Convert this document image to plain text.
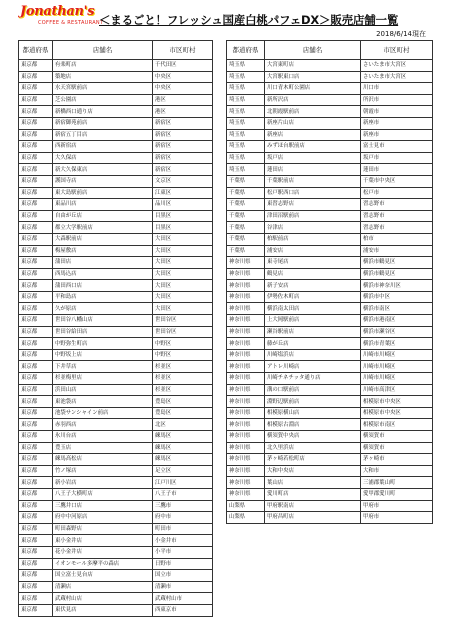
Jonathan's
COFFEE & RESTAURANT
＜まるごと！フレッシュ国産白桃パフェDX＞販売店舗一覧
2018/6/14現在
都道府県	店舗名	市区町村
東京都	有楽町店	千代田区
東京都	築地店	中央区
東京都	水天宮駅前店	中央区
東京都	芝公園店	港区
東京都	新橋西口通り店	港区
東京都	新宿御苑前店	新宿区
東京都	新宿五丁目店	新宿区
東京都	西新宿店	新宿区
東京都	大久保店	新宿区
東京都	新大久保東店	新宿区
東京都	護国寺店	文京区
東京都	東大島駅前店	江東区
東京都	東品川店	品川区
東京都	自由が丘店	目黒区
東京都	都立大学駅前店	目黒区
東京都	大森駅前店	大田区
東京都	梅屋敷店	大田区
東京都	蒲田店	大田区
東京都	西馬込店	大田区
東京都	蒲田西口店	大田区
東京都	平和島店	大田区
東京都	久が原店	大田区
東京都	世田谷八幡山店	世田谷区
東京都	世田谷給田店	世田谷区
東京都	中野弥生町店	中野区
東京都	中野坂上店	中野区
東京都	下井草店	杉並区
東京都	杉並梅里店	杉並区
東京都	浜田山店	杉並区
東京都	東池袋店	豊島区
東京都	池袋サンシャイン前店	豊島区
東京都	赤羽西店	北区
東京都	氷川台店	練馬区
東京都	豊玉店	練馬区
東京都	練馬高松店	練馬区
東京都	竹ノ塚店	足立区
東京都	新小岩店	江戸川区
東京都	八王子大横町店	八王子市
東京都	三鷹井口店	三鷹市
東京都	府中中河原店	府中市
東京都	町田森野店	町田市
東京都	東小金井店	小金井市
東京都	花小金井店	小平市
東京都	イオンモール多摩平の森店	日野市
東京都	国立富士見台店	国立市
東京都	清瀬店	清瀬市
東京都	武蔵村山店	武蔵村山市
東京都	東伏見店	西東京市
都道府県	店舗名	市区町村
埼玉県	大宮東町店	さいたま市大宮区
埼玉県	大宮駅東口店	さいたま市大宮区
埼玉県	川口青木町公園店	川口市
埼玉県	新所沢店	所沢市
埼玉県	北朝霞駅前店	朝霞市
埼玉県	新座片山店	新座市
埼玉県	新座店	新座市
埼玉県	みずほ台駅前店	富士見市
埼玉県	坂戸店	坂戸市
埼玉県	蓮田店	蓮田市
千葉県	千葉駅前店	千葉市中央区
千葉県	松戸駅西口店	松戸市
千葉県	東習志野店	習志野市
千葉県	津田沼駅前店	習志野市
千葉県	谷津店	習志野市
千葉県	柏駅前店	柏市
千葉県	浦安店	浦安市
神奈川県	東寺尾店	横浜市鶴見区
神奈川県	鶴見店	横浜市鶴見区
神奈川県	新子安店	横浜市神奈川区
神奈川県	伊勢佐木町店	横浜市中区
神奈川県	横浜南太田店	横浜市南区
神奈川県	上大岡駅前店	横浜市港南区
神奈川県	瀬谷駅前店	横浜市瀬谷区
神奈川県	藤が丘店	横浜市青葉区
神奈川県	川崎塩浜店	川崎市川崎区
神奈川県	アトレ川崎店	川崎市川崎区
神奈川県	川崎チネチッタ通り店	川崎市川崎区
神奈川県	溝の口駅前店	川崎市高津区
神奈川県	淵野辺駅前店	相模原市中央区
神奈川県	相模原横山店	相模原市中央区
神奈川県	相模原古淵店	相模原市南区
神奈川県	横須賀中央店	横須賀市
神奈川県	北久里浜店	横須賀市
神奈川県	茅ヶ崎若松町店	茅ヶ崎市
神奈川県	大和中央店	大和市
神奈川県	葉山店	三浦郡葉山町
神奈川県	愛川町店	愛甲郡愛川町
山梨県	甲府駅南店	甲府市
山梨県	甲府昌町店	甲府市
